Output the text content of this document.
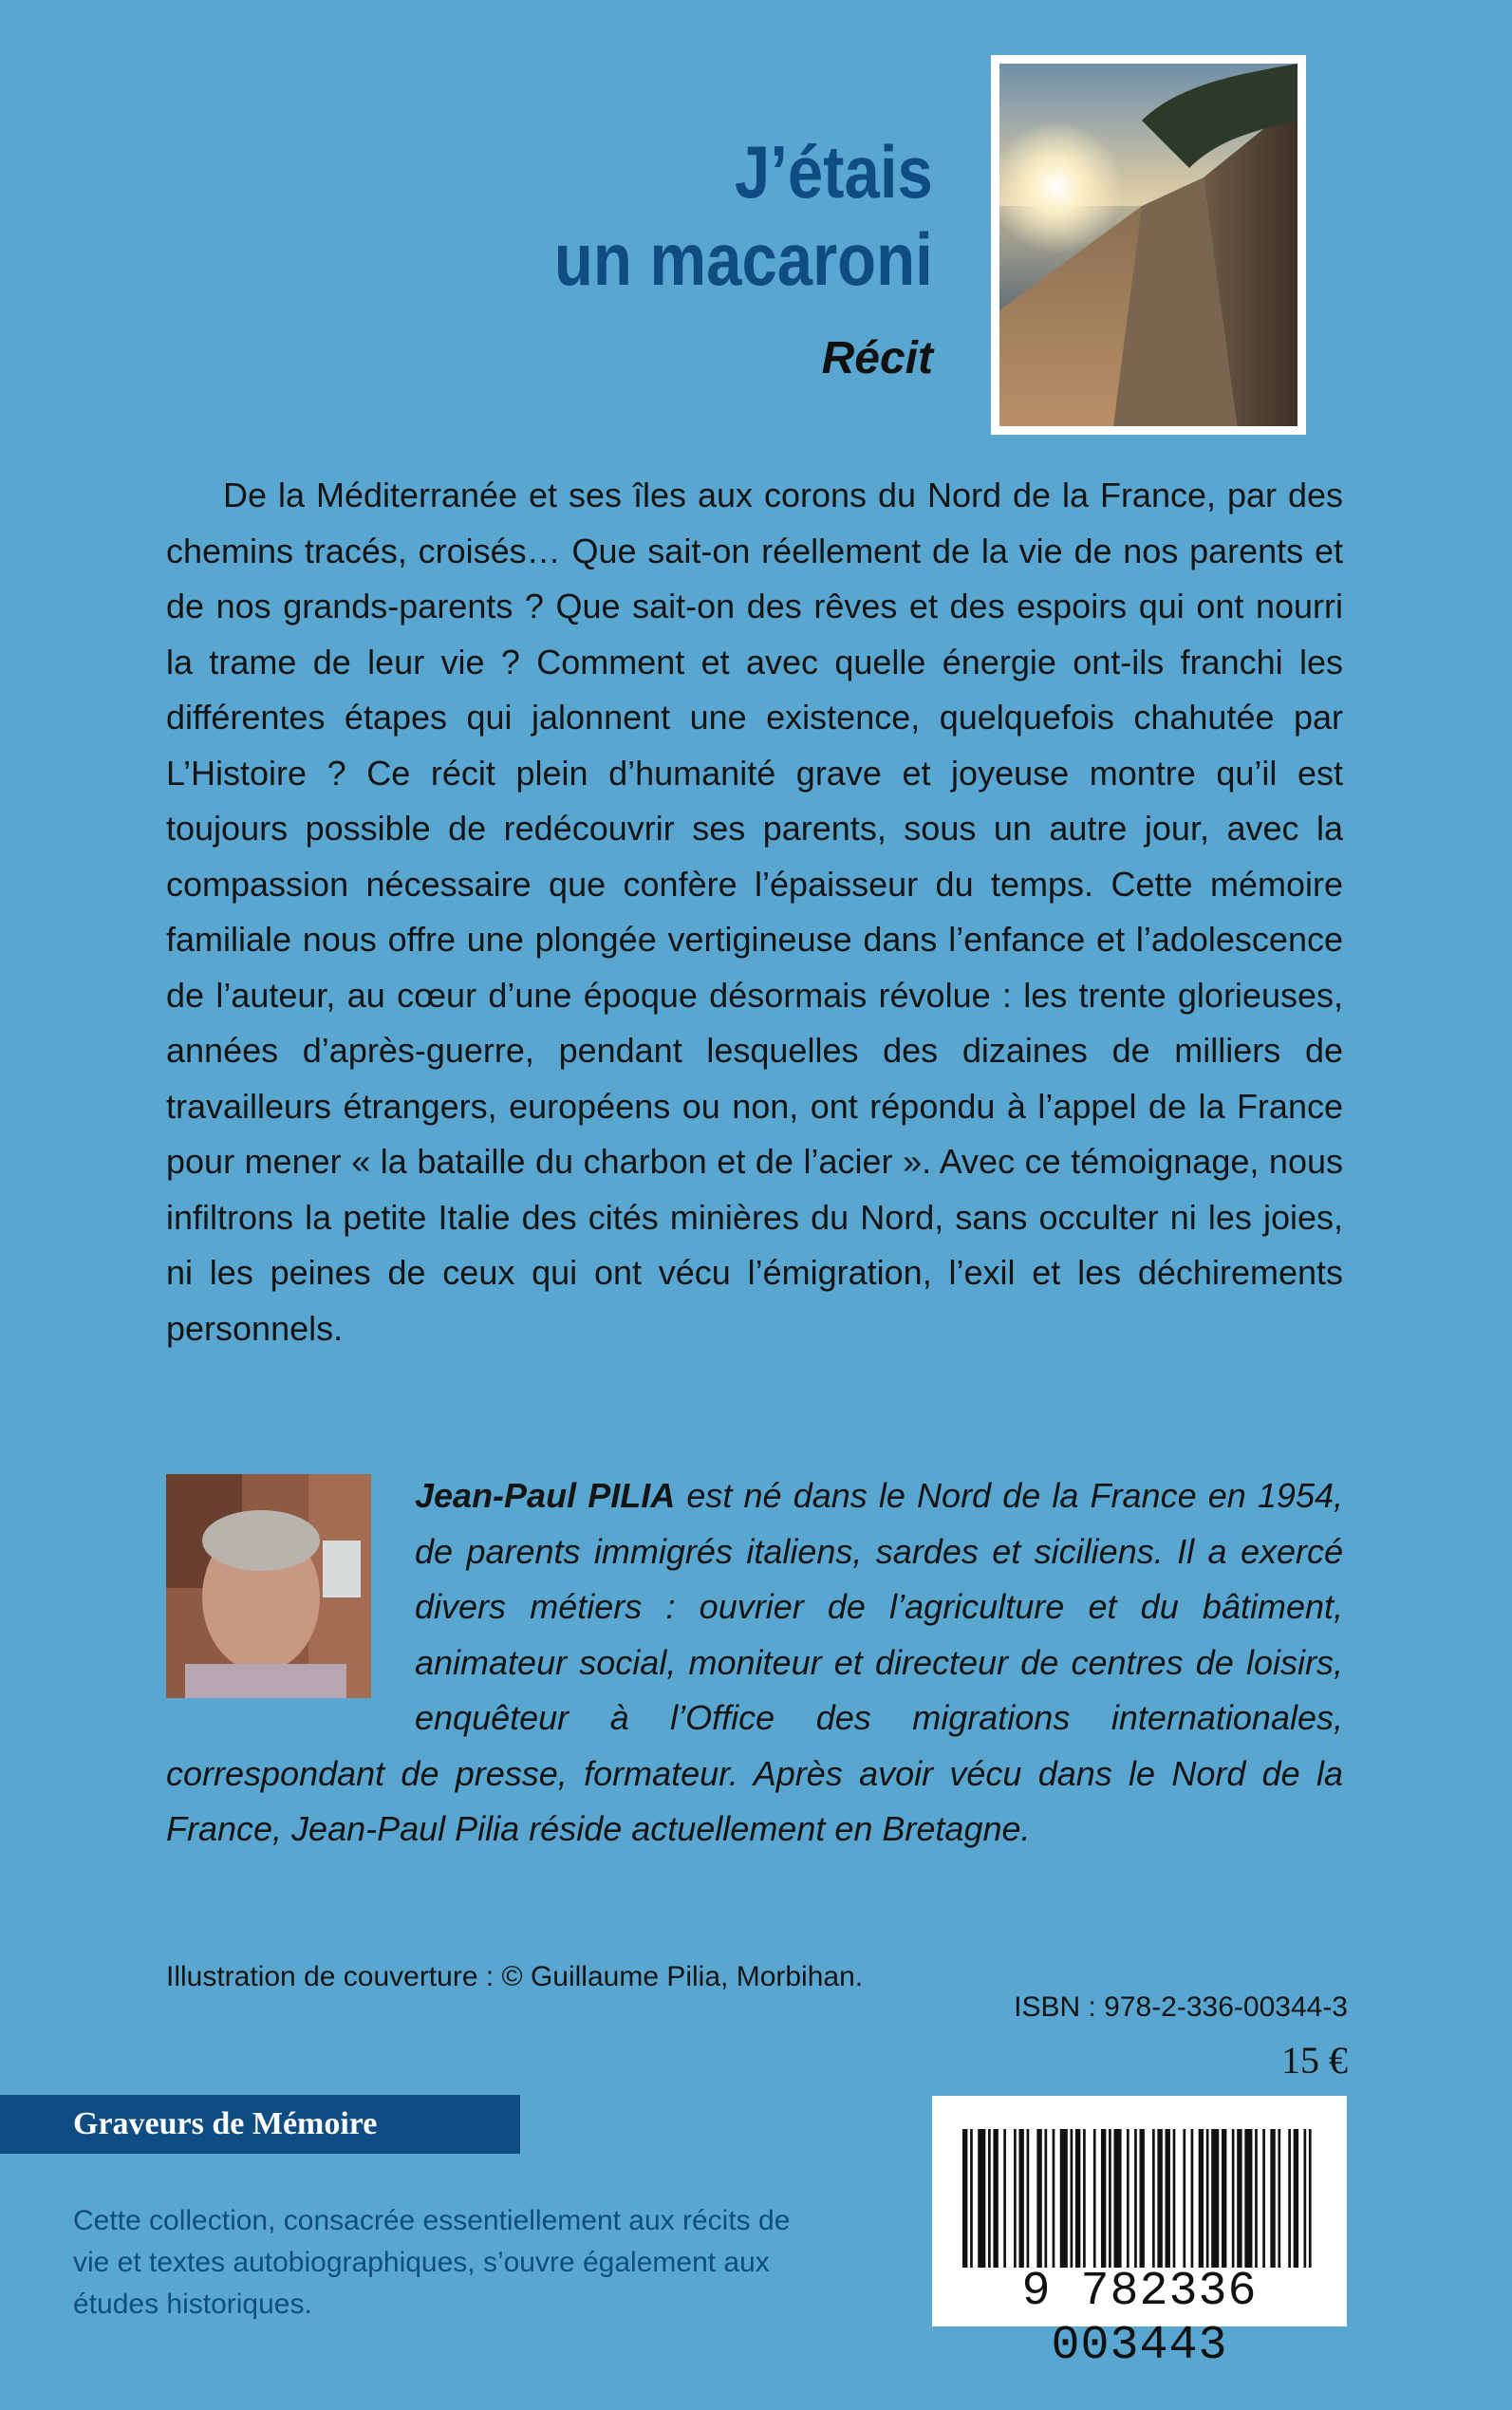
J’étais
un macaroni
Récit

De la Méditerranée et ses îles aux corons du Nord de la France, par des chemins tracés, croisés… Que sait-on réellement de la vie de nos parents et de nos grands-parents ? Que sait-on des rêves et des espoirs qui ont nourri la trame de leur vie ? Comment et avec quelle énergie ont-ils franchi les différentes étapes qui jalonnent une existence, quelquefois chahutée par L’Histoire ? Ce récit plein d’humanité grave et joyeuse montre qu’il est toujours possible de redécouvrir ses parents, sous un autre jour, avec la compassion nécessaire que confère l’épaisseur du temps. Cette mémoire familiale nous offre une plongée vertigineuse dans l’enfance et l’adolescence de l’auteur, au cœur d’une époque désormais révolue : les trente glorieuses, années d’après-guerre, pendant lesquelles des dizaines de milliers de travailleurs étrangers, européens ou non, ont répondu à l’appel de la France pour mener « la bataille du charbon et de l’acier ». Avec ce témoignage, nous infiltrons la petite Italie des cités minières du Nord, sans occulter ni les joies, ni les peines de ceux qui ont vécu l’émigration, l’exil et les déchirements personnels.

Jean-Paul PILIA est né dans le Nord de la France en 1954, de parents immigrés italiens, sardes et siciliens. Il a exercé divers métiers : ouvrier de l’agriculture et du bâtiment, animateur social, moniteur et directeur de centres de loisirs, enquêteur à l’Office des migrations internationales, correspondant de presse, formateur. Après avoir vécu dans le Nord de la France, Jean-Paul Pilia réside actuellement en Bretagne.

Illustration de couverture : © Guillaume Pilia, Morbihan.
ISBN : 978-2-336-00344-3
15 €
Graveurs de Mémoire

Cette collection, consacrée essentiellement aux récits de vie et textes autobiographiques, s’ouvre également aux études historiques.	9 782336 003443
